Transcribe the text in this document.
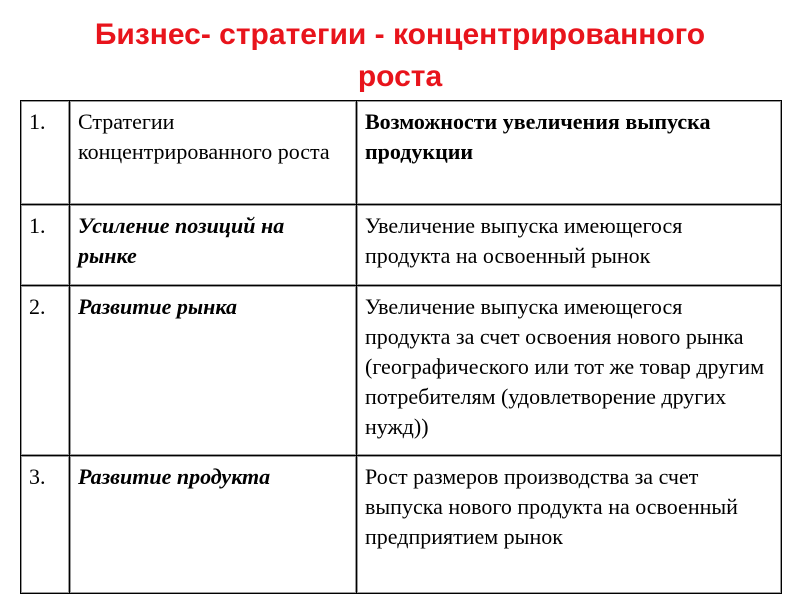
Бизнес- стратегии - концентрированного
роста
1.	Стратегии концентрированного роста	Возможности увеличения выпуска продукции
1.	Усиление позиций на рынке	Увеличение выпуска имеющегося продукта на освоенный рынок
2.	Развитие рынка	Увеличение выпуска имеющегося продукта за счет освоения нового рынка (географического или тот же товар другим потребителям (удовлетворение других нужд))
3.	Развитие продукта	Рост размеров производства за счет выпуска нового продукта на освоенный предприятием рынок
